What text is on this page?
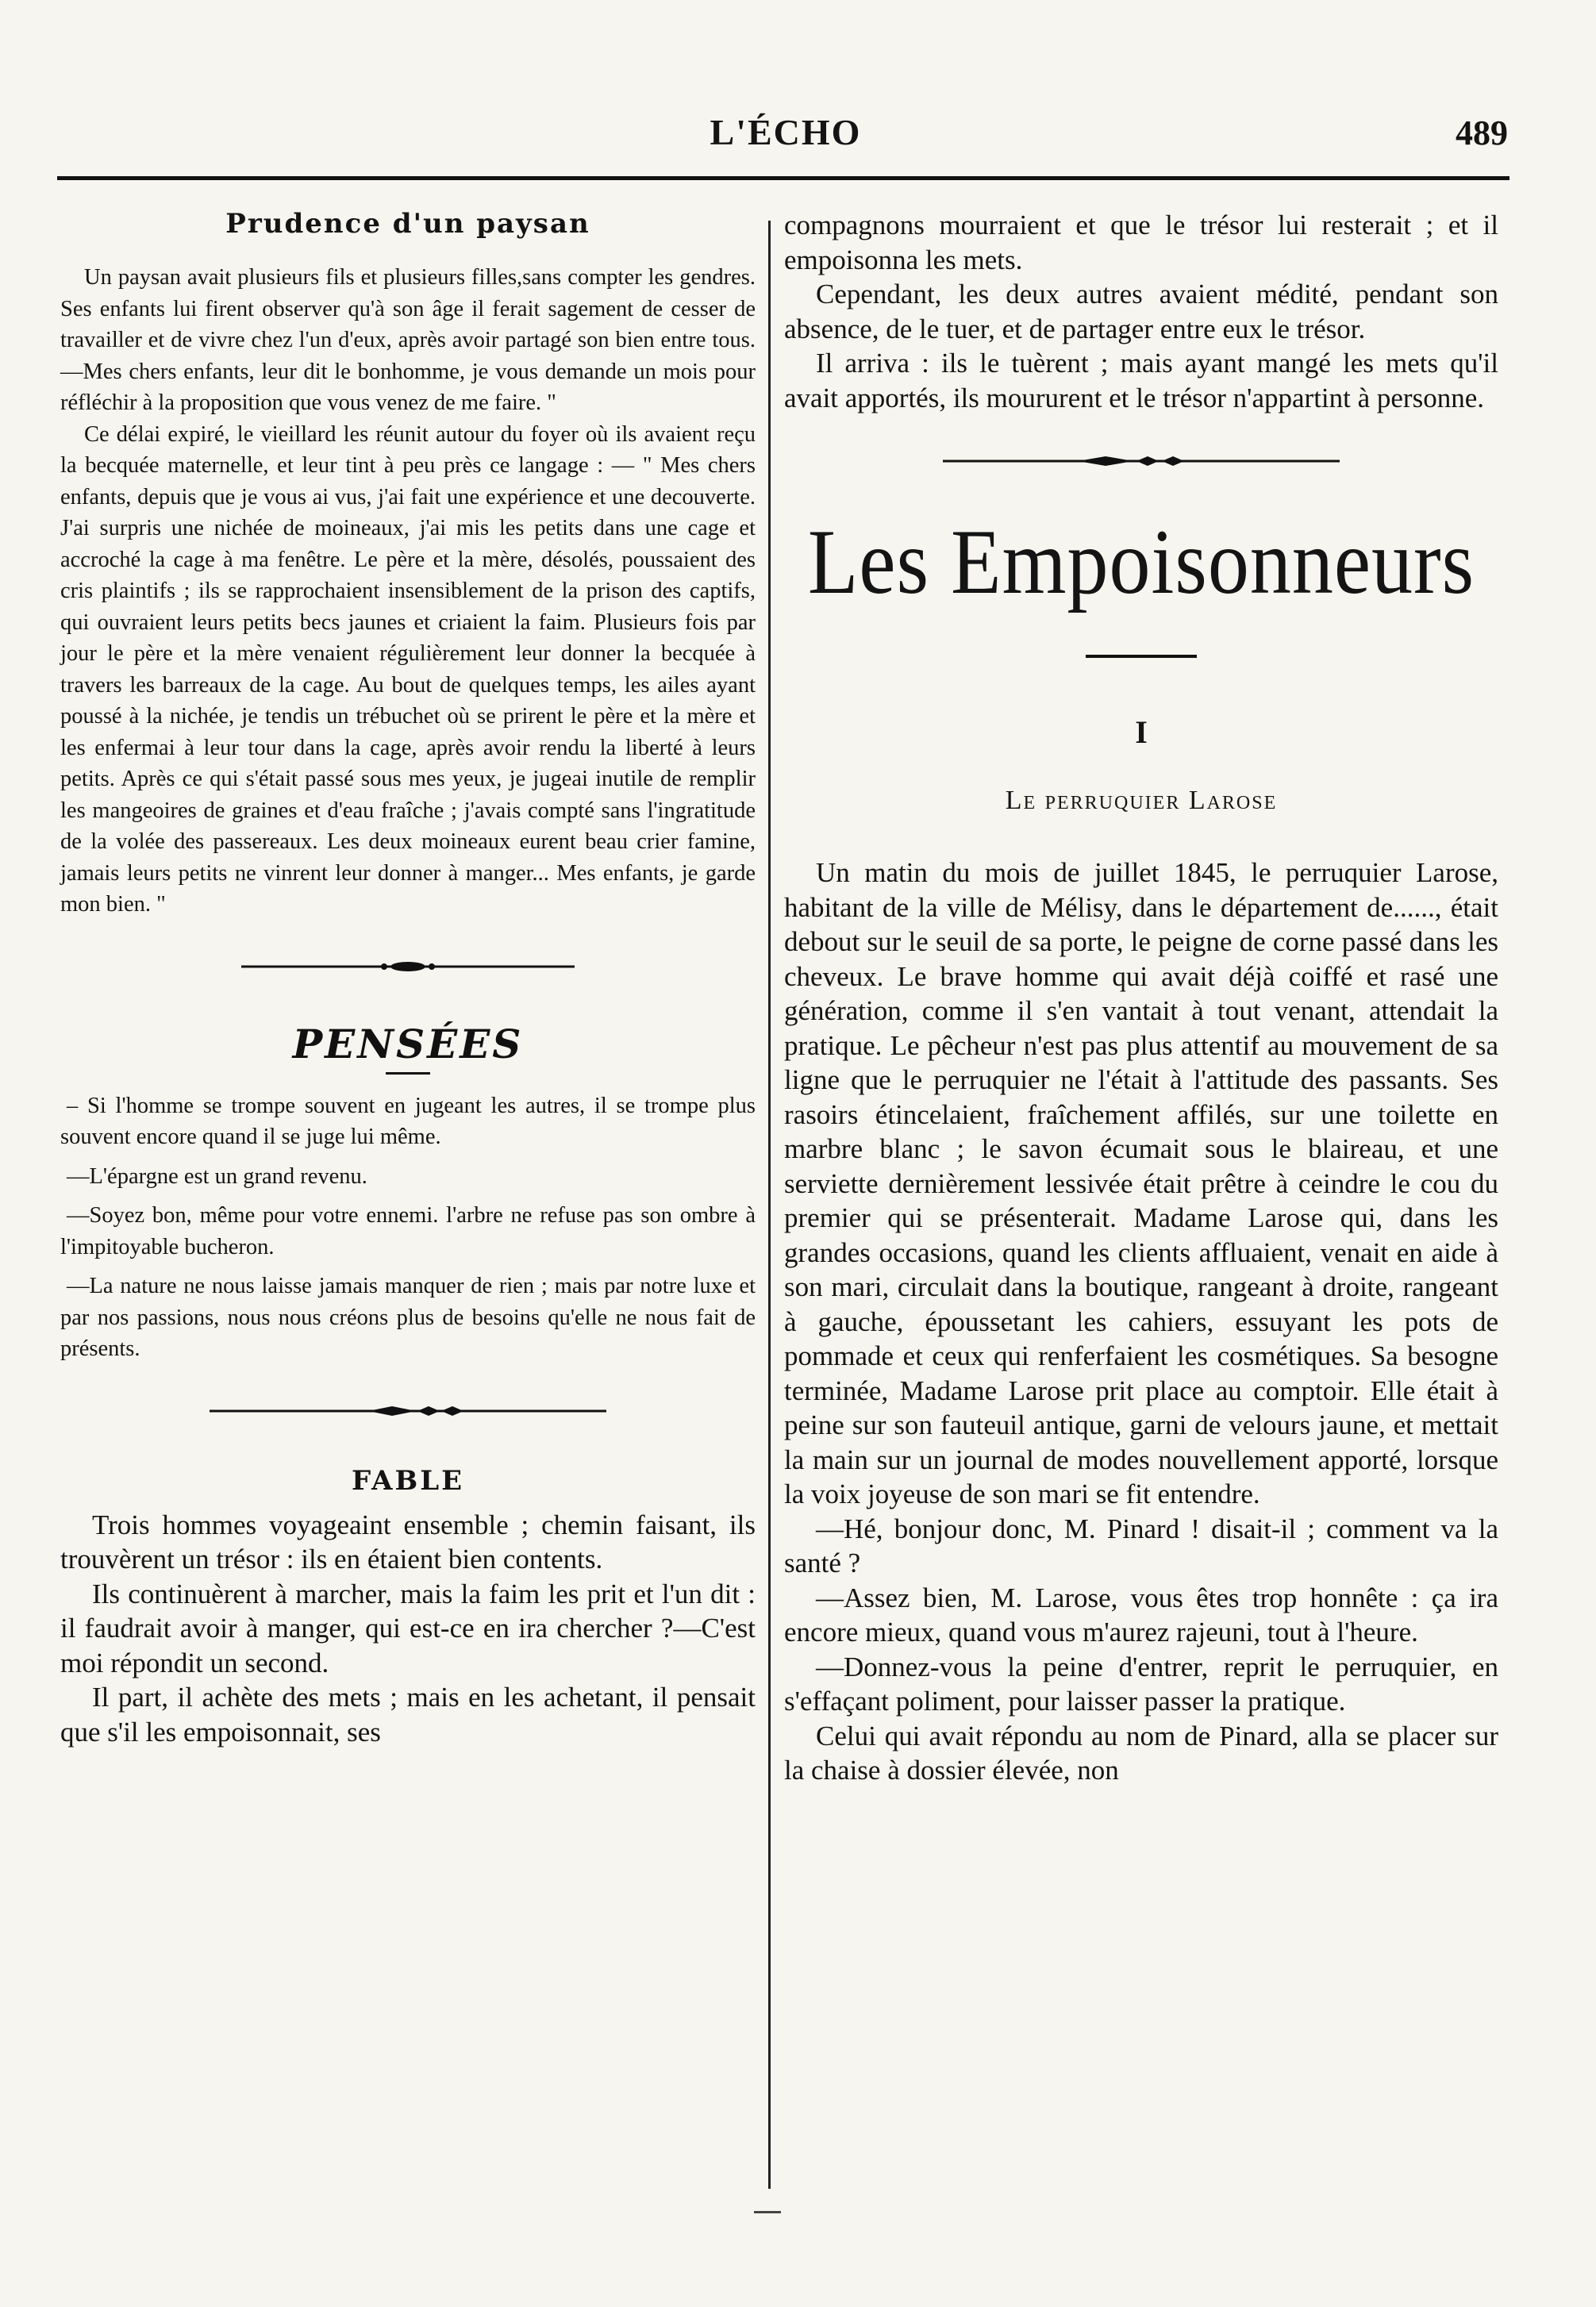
L'ÉCHO	489
Prudence d'un paysan

Un paysan avait plusieurs fils et plusieurs filles,sans compter les gendres. Ses enfants lui firent observer qu'à son âge il ferait sagement de cesser de travailler et de vivre chez l'un d'eux, après avoir partagé son bien entre tous.—Mes chers enfants, leur dit le bonhomme, je vous demande un mois pour réfléchir à la proposition que vous venez de me faire. "

Ce délai expiré, le vieillard les réunit autour du foyer où ils avaient reçu la becquée maternelle, et leur tint à peu près ce langage : — " Mes chers enfants, depuis que je vous ai vus, j'ai fait une expérience et une decouverte. J'ai surpris une nichée de moineaux, j'ai mis les petits dans une cage et accroché la cage à ma fenêtre. Le père et la mère, désolés, poussaient des cris plaintifs ; ils se rapprochaient insensiblement de la prison des captifs, qui ouvraient leurs petits becs jaunes et criaient la faim. Plusieurs fois par jour le père et la mère venaient régulièrement leur donner la becquée à travers les barreaux de la cage. Au bout de quelques temps, les ailes ayant poussé à la nichée, je tendis un trébuchet où se prirent le père et la mère et les enfermai à leur tour dans la cage, après avoir rendu la liberté à leurs petits. Après ce qui s'était passé sous mes yeux, je jugeai inutile de remplir les mangeoires de graines et d'eau fraîche ; j'avais compté sans l'ingratitude de la volée des passereaux. Les deux moineaux eurent beau crier famine, jamais leurs petits ne vinrent leur donner à manger... Mes enfants, je garde mon bien. "

PENSÉES

– Si l'homme se trompe souvent en jugeant les autres, il se trompe plus souvent encore quand il se juge lui même.

—L'épargne est un grand revenu.

—Soyez bon, même pour votre ennemi. l'arbre ne refuse pas son ombre à l'impitoyable bucheron.

—La nature ne nous laisse jamais manquer de rien ; mais par notre luxe et par nos passions, nous nous créons plus de besoins qu'elle ne nous fait de présents.

FABLE

Trois hommes voyageaint ensemble ; chemin faisant, ils trouvèrent un trésor : ils en étaient bien contents.

Ils continuèrent à marcher, mais la faim les prit et l'un dit : il faudrait avoir à manger, qui est-ce en ira chercher ?—C'est moi répondit un second.

Il part, il achète des mets ; mais en les achetant, il pensait que s'il les empoisonnait, ses

compagnons mourraient et que le trésor lui resterait ; et il empoisonna les mets.

Cependant, les deux autres avaient médité, pendant son absence, de le tuer, et de partager entre eux le trésor.

Il arriva : ils le tuèrent ; mais ayant mangé les mets qu'il avait apportés, ils moururent et le trésor n'appartint à personne.

Les Empoisonneurs
I
Le perruquier Larose

Un matin du mois de juillet 1845, le perruquier Larose, habitant de la ville de Mélisy, dans le département de......, était debout sur le seuil de sa porte, le peigne de corne passé dans les cheveux. Le brave homme qui avait déjà coiffé et rasé une génération, comme il s'en vantait à tout venant, attendait la pratique. Le pêcheur n'est pas plus attentif au mouvement de sa ligne que le perruquier ne l'était à l'attitude des passants. Ses rasoirs étincelaient, fraîchement affilés, sur une toilette en marbre blanc ; le savon écumait sous le blaireau, et une serviette dernièrement lessivée était prêtre à ceindre le cou du premier qui se présenterait. Madame Larose qui, dans les grandes occasions, quand les clients affluaient, venait en aide à son mari, circulait dans la boutique, rangeant à droite, rangeant à gauche, époussetant les cahiers, essuyant les pots de pommade et ceux qui renferfaient les cosmétiques. Sa besogne terminée, Madame Larose prit place au comptoir. Elle était à peine sur son fauteuil antique, garni de velours jaune, et mettait la main sur un journal de modes nouvellement apporté, lorsque la voix joyeuse de son mari se fit entendre.

—Hé, bonjour donc, M. Pinard ! disait-il ; comment va la santé ?

—Assez bien, M. Larose, vous êtes trop honnête : ça ira encore mieux, quand vous m'aurez rajeuni, tout à l'heure.

—Donnez-vous la peine d'entrer, reprit le perruquier, en s'effaçant poliment, pour laisser passer la pratique.

Celui qui avait répondu au nom de Pinard, alla se placer sur la chaise à dossier élevée, non
